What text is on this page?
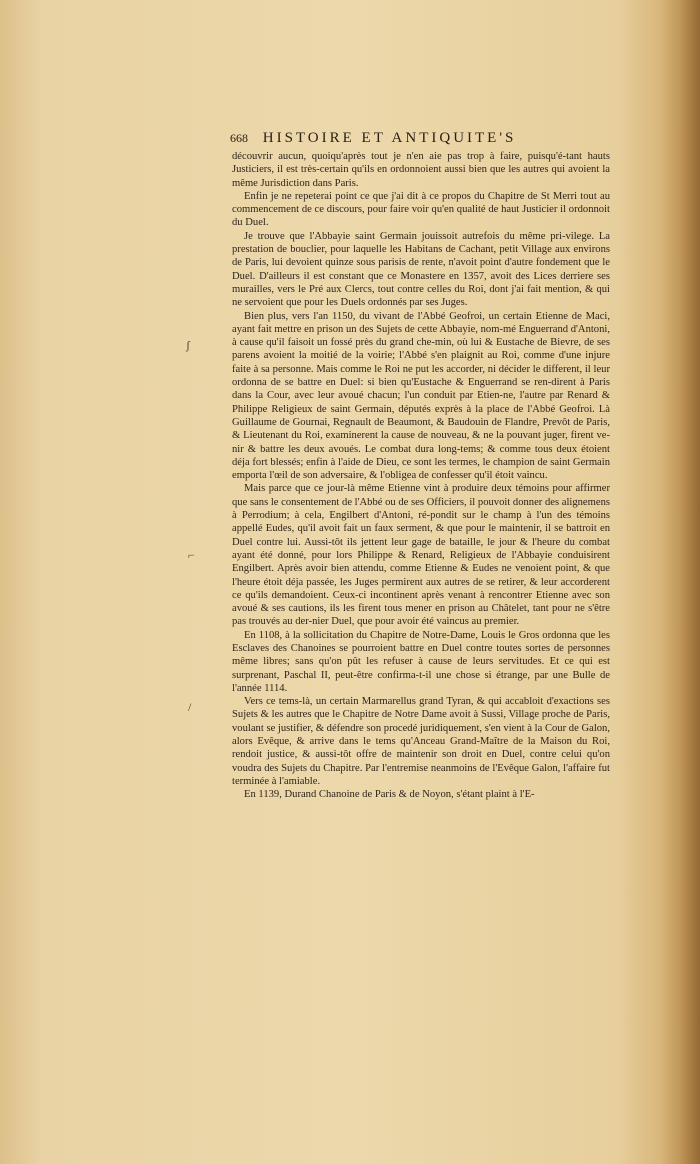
668 HISTOIRE ET ANTIQUITE'S

découvrir aucun, quoiqu'après tout je n'en aie pas trop à faire, puisqu'é-tant hauts Justiciers, il est très-certain qu'ils en ordonnoient aussi bien que les autres qui avoient la même Jurisdiction dans Paris.

Enfin je ne repeterai point ce que j'ai dit à ce propos du Chapitre de St Merri tout au commencement de ce discours, pour faire voir qu'en qualité de haut Justicier il ordonnoit du Duel.

Je trouve que l'Abbayie saint Germain jouissoit autrefois du même pri-vilege. La prestation de bouclier, pour laquelle les Habitans de Cachant, petit Village aux environs de Paris, lui devoient quinze sous parisis de rente, n'avoit point d'autre fondement que le Duel. D'ailleurs il est constant que ce Monastere en 1357, avoit des Lices derriere ses murailles, vers le Pré aux Clercs, tout contre celles du Roi, dont j'ai fait mention, & qui ne servoient que pour les Duels ordonnés par ses Juges.

Bien plus, vers l'an 1150, du vivant de l'Abbé Geofroi, un certain Etienne de Maci, ayant fait mettre en prison un des Sujets de cette Abbayie, nom-mé Enguerrand d'Antoni, à cause qu'il faisoit un fossé près du grand che-min, où lui & Eustache de Bievre, de ses parens avoient la moitié de la voirie; l'Abbé s'en plaignit au Roi, comme d'une injure faite à sa personne. Mais comme le Roi ne put les accorder, ni décider le different, il leur ordonna de se battre en Duel: si bien qu'Eustache & Enguerrand se ren-dirent à Paris dans la Cour, avec leur avoué chacun; l'un conduit par Etien-ne, l'autre par Renard & Philippe Religieux de saint Germain, députés exprès à la place de l'Abbé Geofroi. Là Guillaume de Gournai, Regnault de Beaumont, & Baudouin de Flandre, Prevôt de Paris, & Lieutenant du Roi, examinerent la cause de nouveau, & ne la pouvant juger, firent ve-nir & battre les deux avoués. Le combat dura long-tems; & comme tous deux étoient déja fort blessés; enfin à l'aide de Dieu, ce sont les termes, le champion de saint Germain emporta l'œil de son adversaire, & l'obligea de confesser qu'il étoit vaincu.

Mais parce que ce jour-là même Etienne vint à produire deux témoins pour affirmer que sans le consentement de l'Abbé ou de ses Officiers, il pouvoit donner des alignemens à Perrodium; à cela, Engilbert d'Antoni, ré-pondit sur le champ à l'un des témoins appellé Eudes, qu'il avoit fait un faux serment, & que pour le maintenir, il se battroit en Duel contre lui. Aussi-tôt ils jettent leur gage de bataille, le jour & l'heure du combat ayant été donné, pour lors Philippe & Renard, Religieux de l'Abbayie conduisirent Engilbert. Après avoir bien attendu, comme Etienne & Eudes ne venoient point, & que l'heure étoit déja passée, les Juges permirent aux autres de se retirer, & leur accorderent ce qu'ils demandoient. Ceux-ci incontinent après venant à rencontrer Etienne avec son avoué & ses cautions, ils les firent tous mener en prison au Châtelet, tant pour ne s'être pas trouvés au der-nier Duel, que pour avoir été vaincus au premier.

En 1108, à la sollicitation du Chapitre de Notre-Dame, Louis le Gros ordonna que les Esclaves des Chanoines se pourroient battre en Duel contre toutes sortes de personnes même libres; sans qu'on pût les refuser à cause de leurs servitudes. Et ce qui est surprenant, Paschal II, peut-être confirma-t-il une chose si étrange, par une Bulle de l'année 1114.

Vers ce tems-là, un certain Marmarellus grand Tyran, & qui accabloit d'exactions ses Sujets & les autres que le Chapitre de Notre Dame avoit à Sussi, Village proche de Paris, voulant se justifier, & défendre son procedé juridiquement, s'en vient à la Cour de Galon, alors Evêque, & arrive dans le tems qu'Anceau Grand-Maître de la Maison du Roi, rendoit justice, & aussi-tôt offre de maintenir son droit en Duel, contre celui qu'on voudra des Sujets du Chapitre. Par l'entremise neanmoins de l'Evêque Galon, l'affaire fut terminée à l'amiable.

En 1139, Durand Chanoine de Paris & de Noyon, s'étant plaint à l'E-

ʃ
⌐
/
